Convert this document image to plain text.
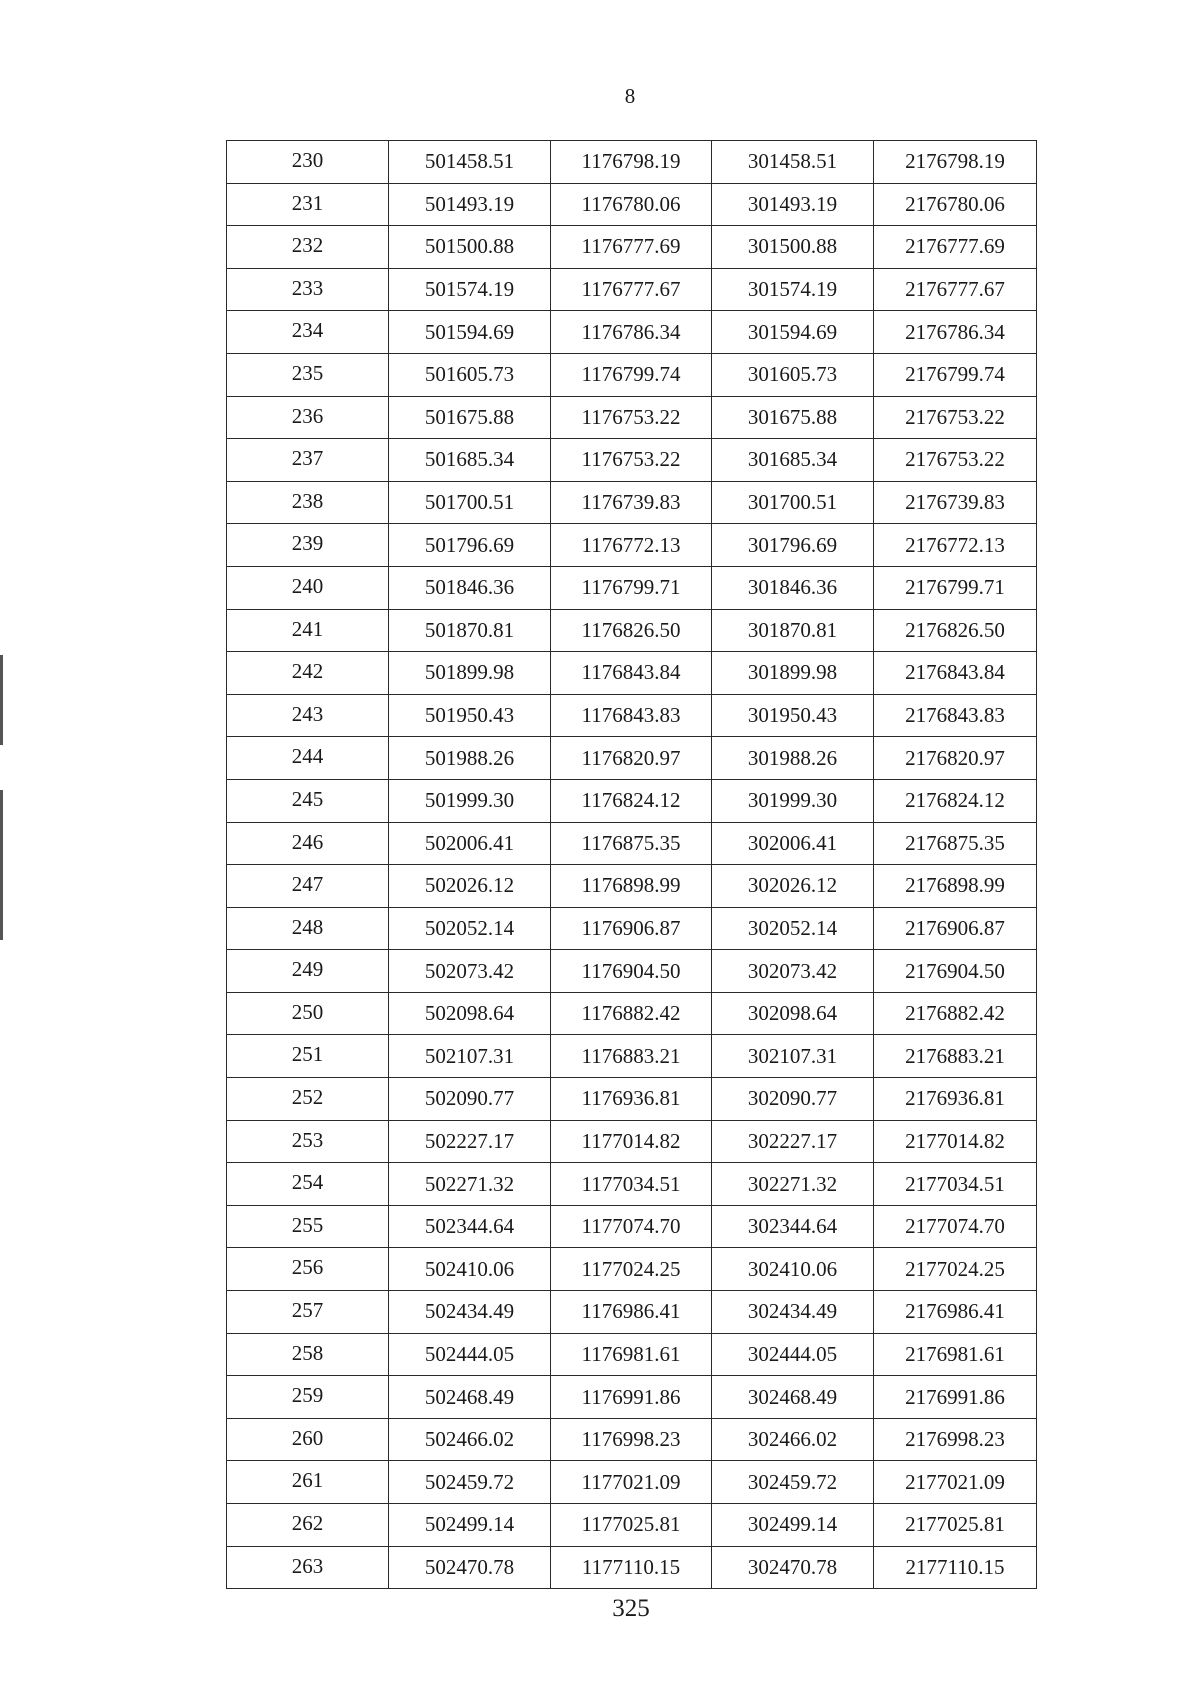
8
230	501458.51	1176798.19	301458.51	2176798.19
231	501493.19	1176780.06	301493.19	2176780.06
232	501500.88	1176777.69	301500.88	2176777.69
233	501574.19	1176777.67	301574.19	2176777.67
234	501594.69	1176786.34	301594.69	2176786.34
235	501605.73	1176799.74	301605.73	2176799.74
236	501675.88	1176753.22	301675.88	2176753.22
237	501685.34	1176753.22	301685.34	2176753.22
238	501700.51	1176739.83	301700.51	2176739.83
239	501796.69	1176772.13	301796.69	2176772.13
240	501846.36	1176799.71	301846.36	2176799.71
241	501870.81	1176826.50	301870.81	2176826.50
242	501899.98	1176843.84	301899.98	2176843.84
243	501950.43	1176843.83	301950.43	2176843.83
244	501988.26	1176820.97	301988.26	2176820.97
245	501999.30	1176824.12	301999.30	2176824.12
246	502006.41	1176875.35	302006.41	2176875.35
247	502026.12	1176898.99	302026.12	2176898.99
248	502052.14	1176906.87	302052.14	2176906.87
249	502073.42	1176904.50	302073.42	2176904.50
250	502098.64	1176882.42	302098.64	2176882.42
251	502107.31	1176883.21	302107.31	2176883.21
252	502090.77	1176936.81	302090.77	2176936.81
253	502227.17	1177014.82	302227.17	2177014.82
254	502271.32	1177034.51	302271.32	2177034.51
255	502344.64	1177074.70	302344.64	2177074.70
256	502410.06	1177024.25	302410.06	2177024.25
257	502434.49	1176986.41	302434.49	2176986.41
258	502444.05	1176981.61	302444.05	2176981.61
259	502468.49	1176991.86	302468.49	2176991.86
260	502466.02	1176998.23	302466.02	2176998.23
261	502459.72	1177021.09	302459.72	2177021.09
262	502499.14	1177025.81	302499.14	2177025.81
263	502470.78	1177110.15	302470.78	2177110.15
325
